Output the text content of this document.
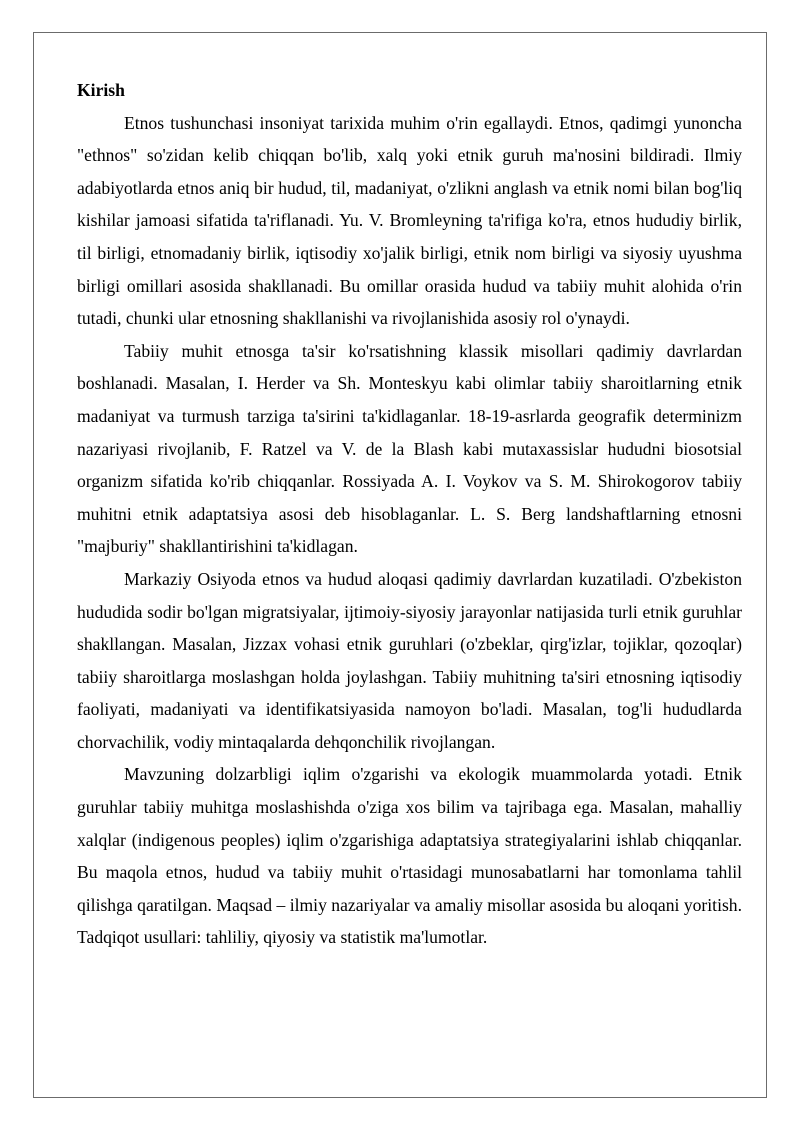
Kirish

Etnos tushunchasi insoniyat tarixida muhim o'rin egallaydi. Etnos, qadimgi yunoncha "ethnos" so'zidan kelib chiqqan bo'lib, xalq yoki etnik guruh ma'nosini bildiradi. Ilmiy adabiyotlarda etnos aniq bir hudud, til, madaniyat, o'zlikni anglash va etnik nomi bilan bog'liq kishilar jamoasi sifatida ta'riflanadi. Yu. V. Bromleyning ta'rifiga ko'ra, etnos hududiy birlik, til birligi, etnomadaniy birlik, iqtisodiy xo'jalik birligi, etnik nom birligi va siyosiy uyushma birligi omillari asosida shakllanadi. Bu omillar orasida hudud va tabiiy muhit alohida o'rin tutadi, chunki ular etnosning shakllanishi va rivojlanishida asosiy rol o'ynaydi.

Tabiiy muhit etnosga ta'sir ko'rsatishning klassik misollari qadimiy davrlardan boshlanadi. Masalan, I. Herder va Sh. Monteskyu kabi olimlar tabiiy sharoitlarning etnik madaniyat va turmush tarziga ta'sirini ta'kidlaganlar. 18-19-asrlarda geografik determinizm nazariyasi rivojlanib, F. Ratzel va V. de la Blash kabi mutaxassislar hududni biosotsial organizm sifatida ko'rib chiqqanlar. Rossiyada A. I. Voykov va S. M. Shirokogorov tabiiy muhitni etnik adaptatsiya asosi deb hisoblaganlar. L. S. Berg landshaftlarning etnosni "majburiy" shakllantirishini ta'kidlagan.

Markaziy Osiyoda etnos va hudud aloqasi qadimiy davrlardan kuzatiladi. O'zbekiston hududida sodir bo'lgan migratsiyalar, ijtimoiy-siyosiy jarayonlar natijasida turli etnik guruhlar shakllangan. Masalan, Jizzax vohasi etnik guruhlari (o'zbeklar, qirg'izlar, tojiklar, qozoqlar) tabiiy sharoitlarga moslashgan holda joylashgan. Tabiiy muhitning ta'siri etnosning iqtisodiy faoliyati, madaniyati va identifikatsiyasida namoyon bo'ladi. Masalan, tog'li hududlarda chorvachilik, vodiy mintaqalarda dehqonchilik rivojlangan.

Mavzuning dolzarbligi iqlim o'zgarishi va ekologik muammolarda yotadi. Etnik guruhlar tabiiy muhitga moslashishda o'ziga xos bilim va tajribaga ega. Masalan, mahalliy xalqlar (indigenous peoples) iqlim o'zgarishiga adaptatsiya strategiyalarini ishlab chiqqanlar. Bu maqola etnos, hudud va tabiiy muhit o'rtasidagi munosabatlarni har tomonlama tahlil qilishga qaratilgan. Maqsad – ilmiy nazariyalar va amaliy misollar asosida bu aloqani yoritish. Tadqiqot usullari: tahliliy, qiyosiy va statistik ma'lumotlar.
